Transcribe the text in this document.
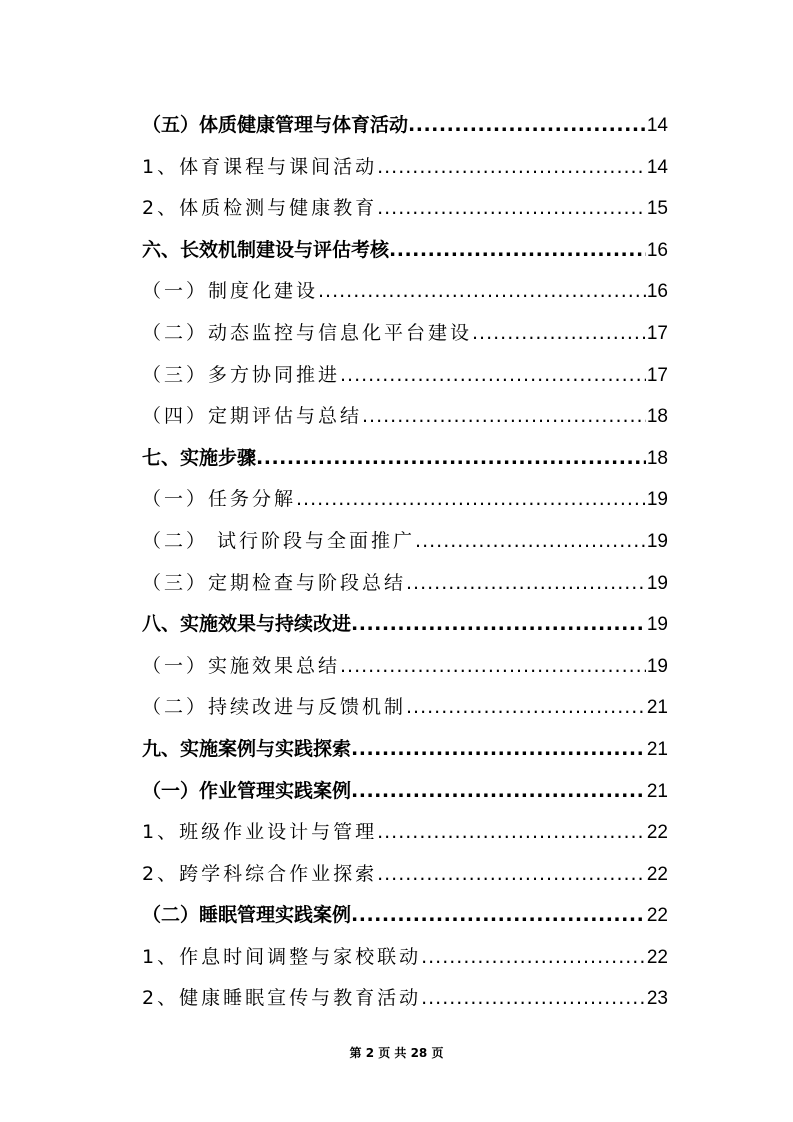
（五）体质健康管理与体育活动 .....	14
1、体育课程与课间活动 .....	14
2、体质检测与健康教育 .....	15
六、长效机制建设与评估考核 .....	16
（一）制度化建设 .....	16
（二）动态监控与信息化平台建设 .....	17
（三）多方协同推进 .....	17
（四）定期评估与总结 .....	18
七、实施步骤 .....	18
（一）任务分解 .....	19
（二） 试行阶段与全面推广 .....	19
（三）定期检查与阶段总结 .....	19
八、实施效果与持续改进 .....	19
（一）实施效果总结 .....	19
（二）持续改进与反馈机制 .....	21
九、实施案例与实践探索 .....	21
（一）作业管理实践案例 .....	21
1、班级作业设计与管理 .....	22
2、跨学科综合作业探索 .....	22
（二）睡眠管理实践案例 .....	22
1、作息时间调整与家校联动 .....	22
2、健康睡眠宣传与教育活动 .....	23
第 2 页 共 28 页
